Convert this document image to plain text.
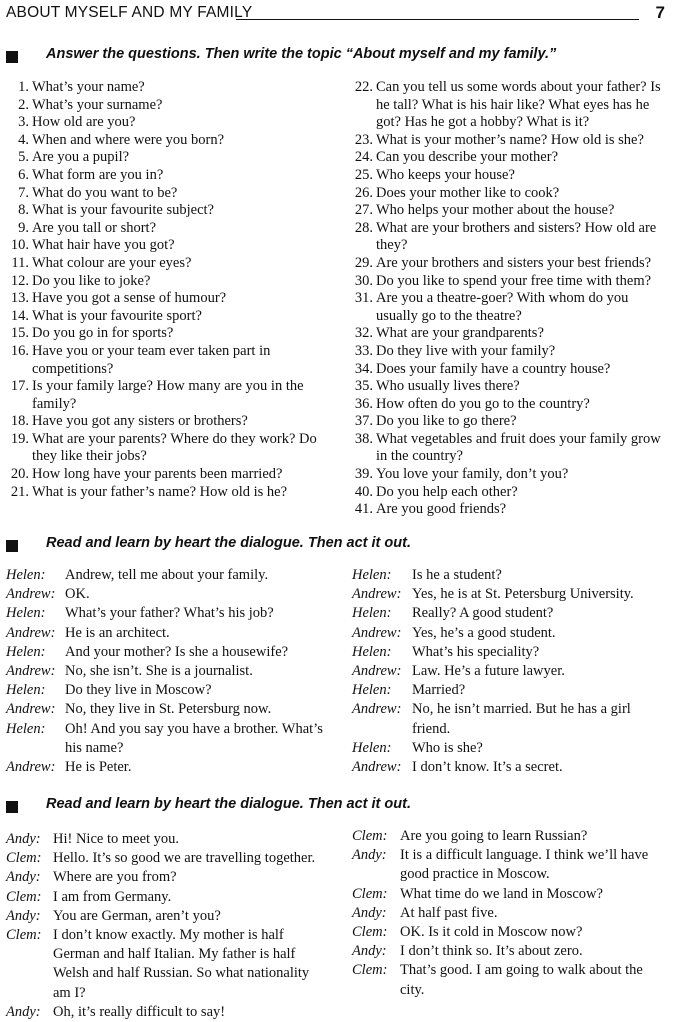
ABOUT MYSELF AND MY FAMILY	7
Answer the questions. Then write the topic “About myself and my family.”
1. What’s your name?
2. What’s your surname?
3. How old are you?
4. When and where were you born?
5. Are you a pupil?
6. What form are you in?
7. What do you want to be?
8. What is your favourite subject?
9. Are you tall or short?
10. What hair have you got?
11. What colour are your eyes?
12. Do you like to joke?
13. Have you got a sense of humour?
14. What is your favourite sport?
15. Do you go in for sports?
16. Have you or your team ever taken part in competitions?
17. Is your family large? How many are you in the family?
18. Have you got any sisters or brothers?
19. What are your parents? Where do they work? Do they like their jobs?
20. How long have your parents been married?
21. What is your father’s name? How old is he?
22. Can you tell us some words about your father? Is he tall? What is his hair like? What eyes has he got? Has he got a hobby? What is it?
23. What is your mother’s name? How old is she?
24. Can you describe your mother?
25. Who keeps your house?
26. Does your mother like to cook?
27. Who helps your mother about the house?
28. What are your brothers and sisters? How old are they?
29. Are your brothers and sisters your best friends?
30. Do you like to spend your free time with them?
31. Are you a theatre-goer? With whom do you usually go to the theatre?
32. What are your grandparents?
33. Do they live with your family?
34. Does your family have a country house?
35. Who usually lives there?
36. How often do you go to the country?
37. Do you like to go there?
38. What vegetables and fruit does your family grow in the country?
39. You love your family, don’t you?
40. Do you help each other?
41. Are you good friends?
Read and learn by heart the dialogue. Then act it out.
Helen: Andrew, tell me about your family.
Andrew: OK.
Helen: What’s your father? What’s his job?
Andrew: He is an architect.
Helen: And your mother? Is she a housewife?
Andrew: No, she isn’t. She is a journalist.
Helen: Do they live in Moscow?
Andrew: No, they live in St. Petersburg now.
Helen: Oh! And you say you have a brother. What’s his name?
Andrew: He is Peter.
Helen: Is he a student?
Andrew: Yes, he is at St. Petersburg University.
Helen: Really? A good student?
Andrew: Yes, he’s a good student.
Helen: What’s his speciality?
Andrew: Law. He’s a future lawyer.
Helen: Married?
Andrew: No, he isn’t married. But he has a girl friend.
Helen: Who is she?
Andrew: I don’t know. It’s a secret.
Read and learn by heart the dialogue. Then act it out.
Andy: Hi! Nice to meet you.
Clem: Hello. It’s so good we are travelling together.
Andy: Where are you from?
Clem: I am from Germany.
Andy: You are German, aren’t you?
Clem: I don’t know exactly. My mother is half German and half Italian. My father is half Welsh and half Russian. So what nationality am I?
Andy: Oh, it’s really difficult to say!
Clem: Are you going to learn Russian?
Andy: It is a difficult language. I think we’ll have good practice in Moscow.
Clem: What time do we land in Moscow?
Andy: At half past five.
Clem: OK. Is it cold in Moscow now?
Andy: I don’t think so. It’s about zero.
Clem: That’s good. I am going to walk about the city.
